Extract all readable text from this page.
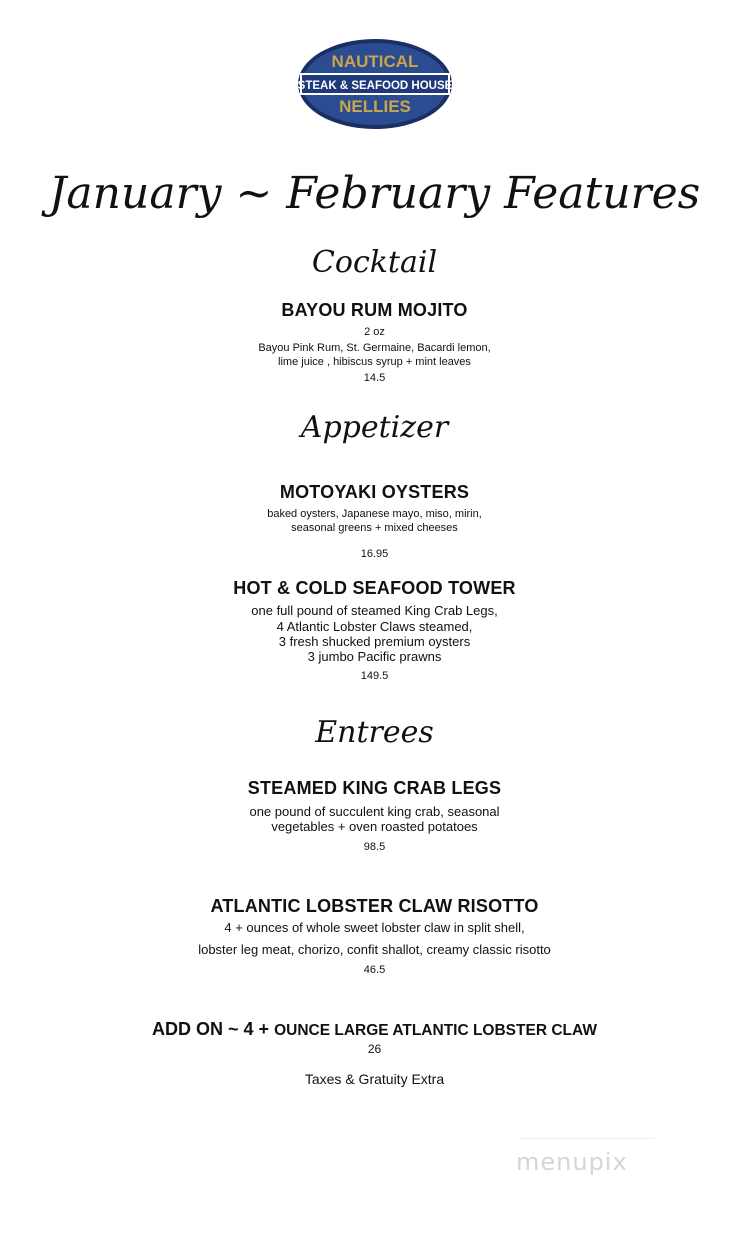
NAUTICAL
STEAK & SEAFOOD HOUSE
NELLIES
January ~ February Features
Cocktail
BAYOU RUM MOJITO
2 oz
Bayou Pink Rum, St. Germaine, Bacardi lemon,
lime juice , hibiscus syrup + mint leaves
14.5
Appetizer
MOTOYAKI OYSTERS
baked oysters, Japanese mayo, miso, mirin,
seasonal greens + mixed cheeses
16.95
HOT & COLD SEAFOOD TOWER
one full pound of steamed King Crab Legs,
4 Atlantic Lobster Claws steamed,
3 fresh shucked premium oysters
3 jumbo Pacific prawns
149.5
Entrees
STEAMED KING CRAB LEGS
one pound of succulent king crab, seasonal
vegetables + oven roasted potatoes
98.5
ATLANTIC LOBSTER CLAW RISOTTO
4 + ounces of whole sweet lobster claw in split shell,
lobster leg meat, chorizo, confit shallot, creamy classic risotto
46.5
ADD ON ~ 4 + OUNCE LARGE ATLANTIC LOBSTER CLAW
26
Taxes & Gratuity Extra
menupix
